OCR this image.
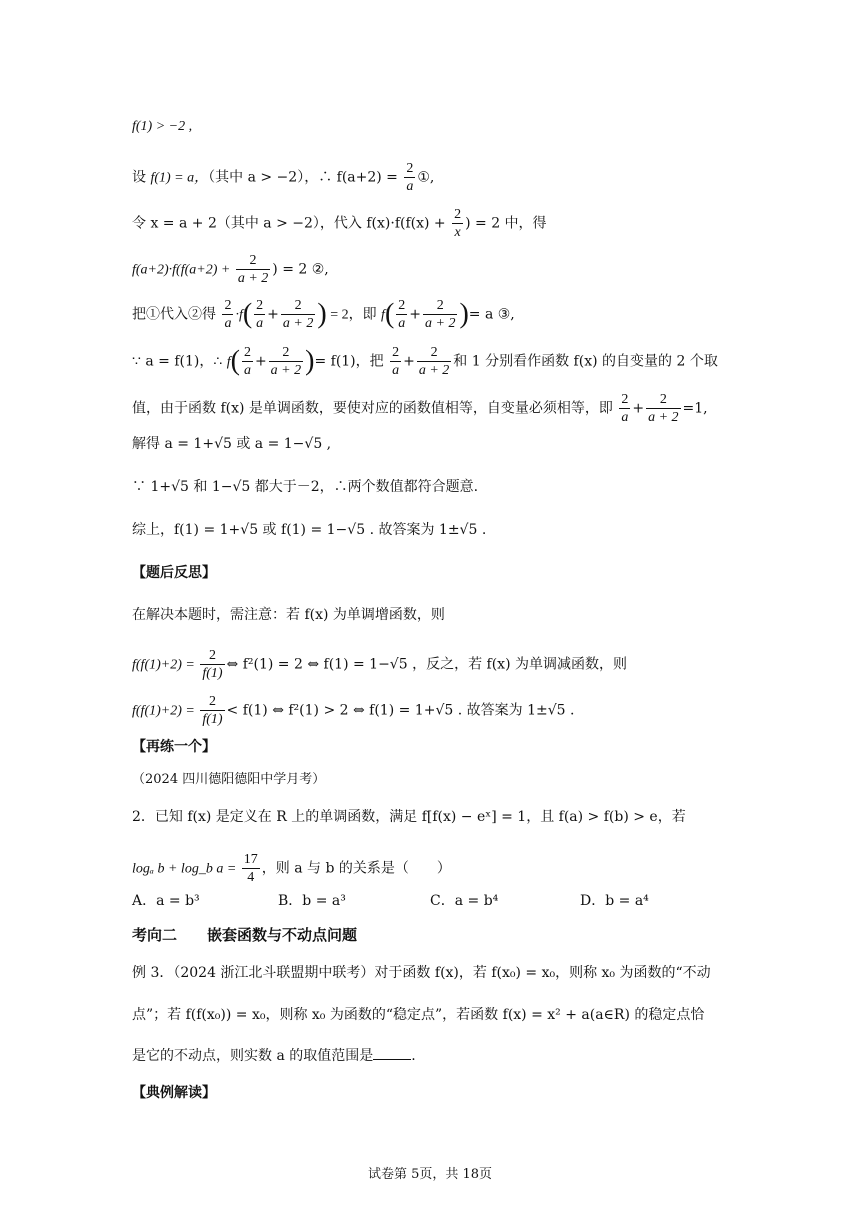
f(1) > −2 ,
设 f(1) = a，（其中 a > −2），∴ $f(a+2) = \frac{2}{a}$ ①,
令 x = a + 2（其中 a > −2），代入 $f(x)\cdot f(f(x) + \frac{2}{x}$ ) = 2 中，得
$f(a+2)\cdot f(f(a+2) + \frac{2}{a + 2}$ ) = 2 ②,
把①代入②得 $\frac{2}{a} \cdot f( \frac{2}{a} + \frac{2}{a + 2}$ ) = 2，即 $f( \frac{2}{a} + \frac{2}{a + 2}$ )= a ③,
∵ a = f(1)，∴ $f( \frac{2}{a} + \frac{2}{a + 2}$ )= f(1)，把 $\frac{2}{a} + \frac{2}{a + 2}$ 和 1 分别看作函数 f(x) 的自变量的 2 个取
值，由于函数 f(x) 是单调函数，要使对应的函数值相等，自变量必须相等，即 $\frac{2}{a} + \frac{2}{a + 2} =1$,
解得 a = 1+√5 或 a = 1−√5 ,
∵ 1+√5 和 1−√5 都大于－2，∴两个数值都符合题意.
综上，f(1) = 1+√5 或 f(1) = 1−√5 . 故答案为 1±√5 .
【题后反思】
在解决本题时，需注意：若 f(x) 为单调增函数，则
$f(f(1)+2) = \frac{2}{f(1)}$ ⇔ f²(1) = 2 ⇔ f(1) = 1−√5 ，反之，若 f(x) 为单调减函数，则
$f(f(1)+2) = \frac{2}{f(1)} < f(1)$ ⇔ f²(1) > 2 ⇔ f(1) = 1+√5 . 故答案为 1±√5 .
【再练一个】
（2024 四川德阳德阳中学月考）
2．已知 f(x) 是定义在 R 上的单调函数，满足 f[f(x) − eˣ] = 1，且 f(a) > f(b) > e，若
logₐ b + log_b $a = \frac{17}{4}$ ，则 a 与 b 的关系是（　　）
A．a = b³	B．b = a³	C．a = b⁴	D．b = a⁴
考向二　　嵌套函数与不动点问题
例 3．（2024 浙江北斗联盟期中联考）对于函数 f(x)，若 f(x₀) = x₀，则称 x₀ 为函数的“不动
点”；若 f(f(x₀)) = x₀，则称 x₀ 为函数的“稳定点”，若函数 f(x) = x² + a(a∈R) 的稳定点恰
是它的不动点，则实数 a 的取值范围是	.
【典例解读】
试卷第 5页，共 18页
